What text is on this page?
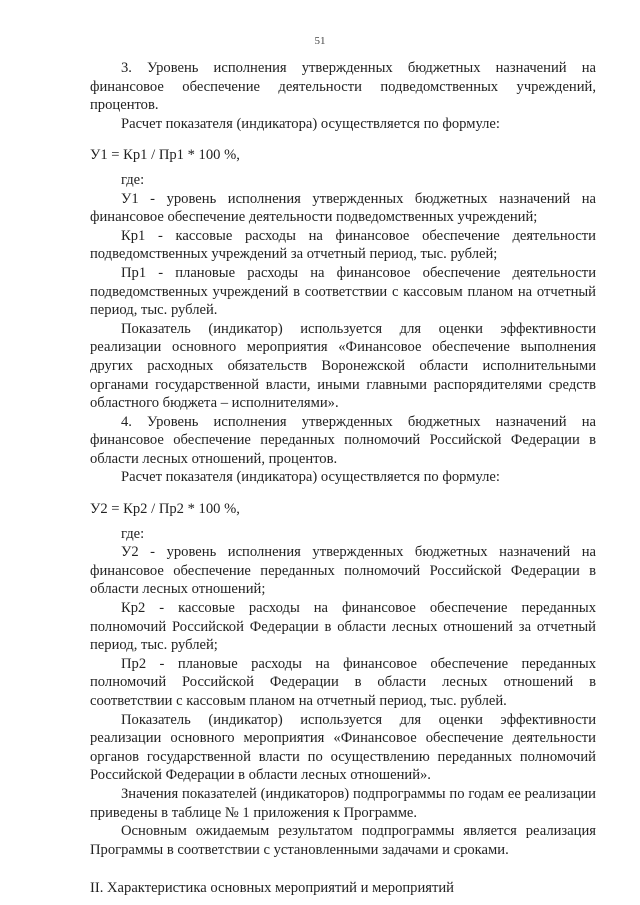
51

3. Уровень исполнения утвержденных бюджетных назначений на финансовое обеспечение деятельности подведомственных учреждений, процентов.

Расчет показателя (индикатора) осуществляется по формуле:

У1 = Кр1 / Пр1 * 100 %,

где:

У1 - уровень исполнения утвержденных бюджетных назначений на финансовое обеспечение деятельности подведомственных учреждений;

Кр1 - кассовые расходы на финансовое обеспечение деятельности подведомственных учреждений за отчетный период, тыс. рублей;

Пр1 - плановые расходы на финансовое обеспечение деятельности подведомственных учреждений в соответствии с кассовым планом на отчетный период, тыс. рублей.

Показатель (индикатор) используется для оценки эффективности реализации основного мероприятия «Финансовое обеспечение выполнения других расходных обязательств Воронежской области исполнительными органами государственной власти, иными главными распорядителями средств областного бюджета – исполнителями».

4. Уровень исполнения утвержденных бюджетных назначений на финансовое обеспечение переданных полномочий Российской Федерации в области лесных отношений, процентов.

Расчет показателя (индикатора) осуществляется по формуле:

У2 = Кр2 / Пр2 * 100 %,

где:

У2 - уровень исполнения утвержденных бюджетных назначений на финансовое обеспечение переданных полномочий Российской Федерации в области лесных отношений;

Кр2 - кассовые расходы на финансовое обеспечение переданных полномочий Российской Федерации в области лесных отношений за отчетный период, тыс. рублей;

Пр2 - плановые расходы на финансовое обеспечение переданных полномочий Российской Федерации в области лесных отношений в соответствии с кассовым планом на отчетный период, тыс. рублей.

Показатель (индикатор) используется для оценки эффективности реализации основного мероприятия «Финансовое обеспечение деятельности органов государственной власти по осуществлению переданных полномочий Российской Федерации в области лесных отношений».

Значения показателей (индикаторов) подпрограммы по годам ее реализации приведены в таблице № 1 приложения к Программе.

Основным ожидаемым результатом подпрограммы является реализация Программы в соответствии с установленными задачами и сроками.

II. Характеристика основных мероприятий и мероприятий
